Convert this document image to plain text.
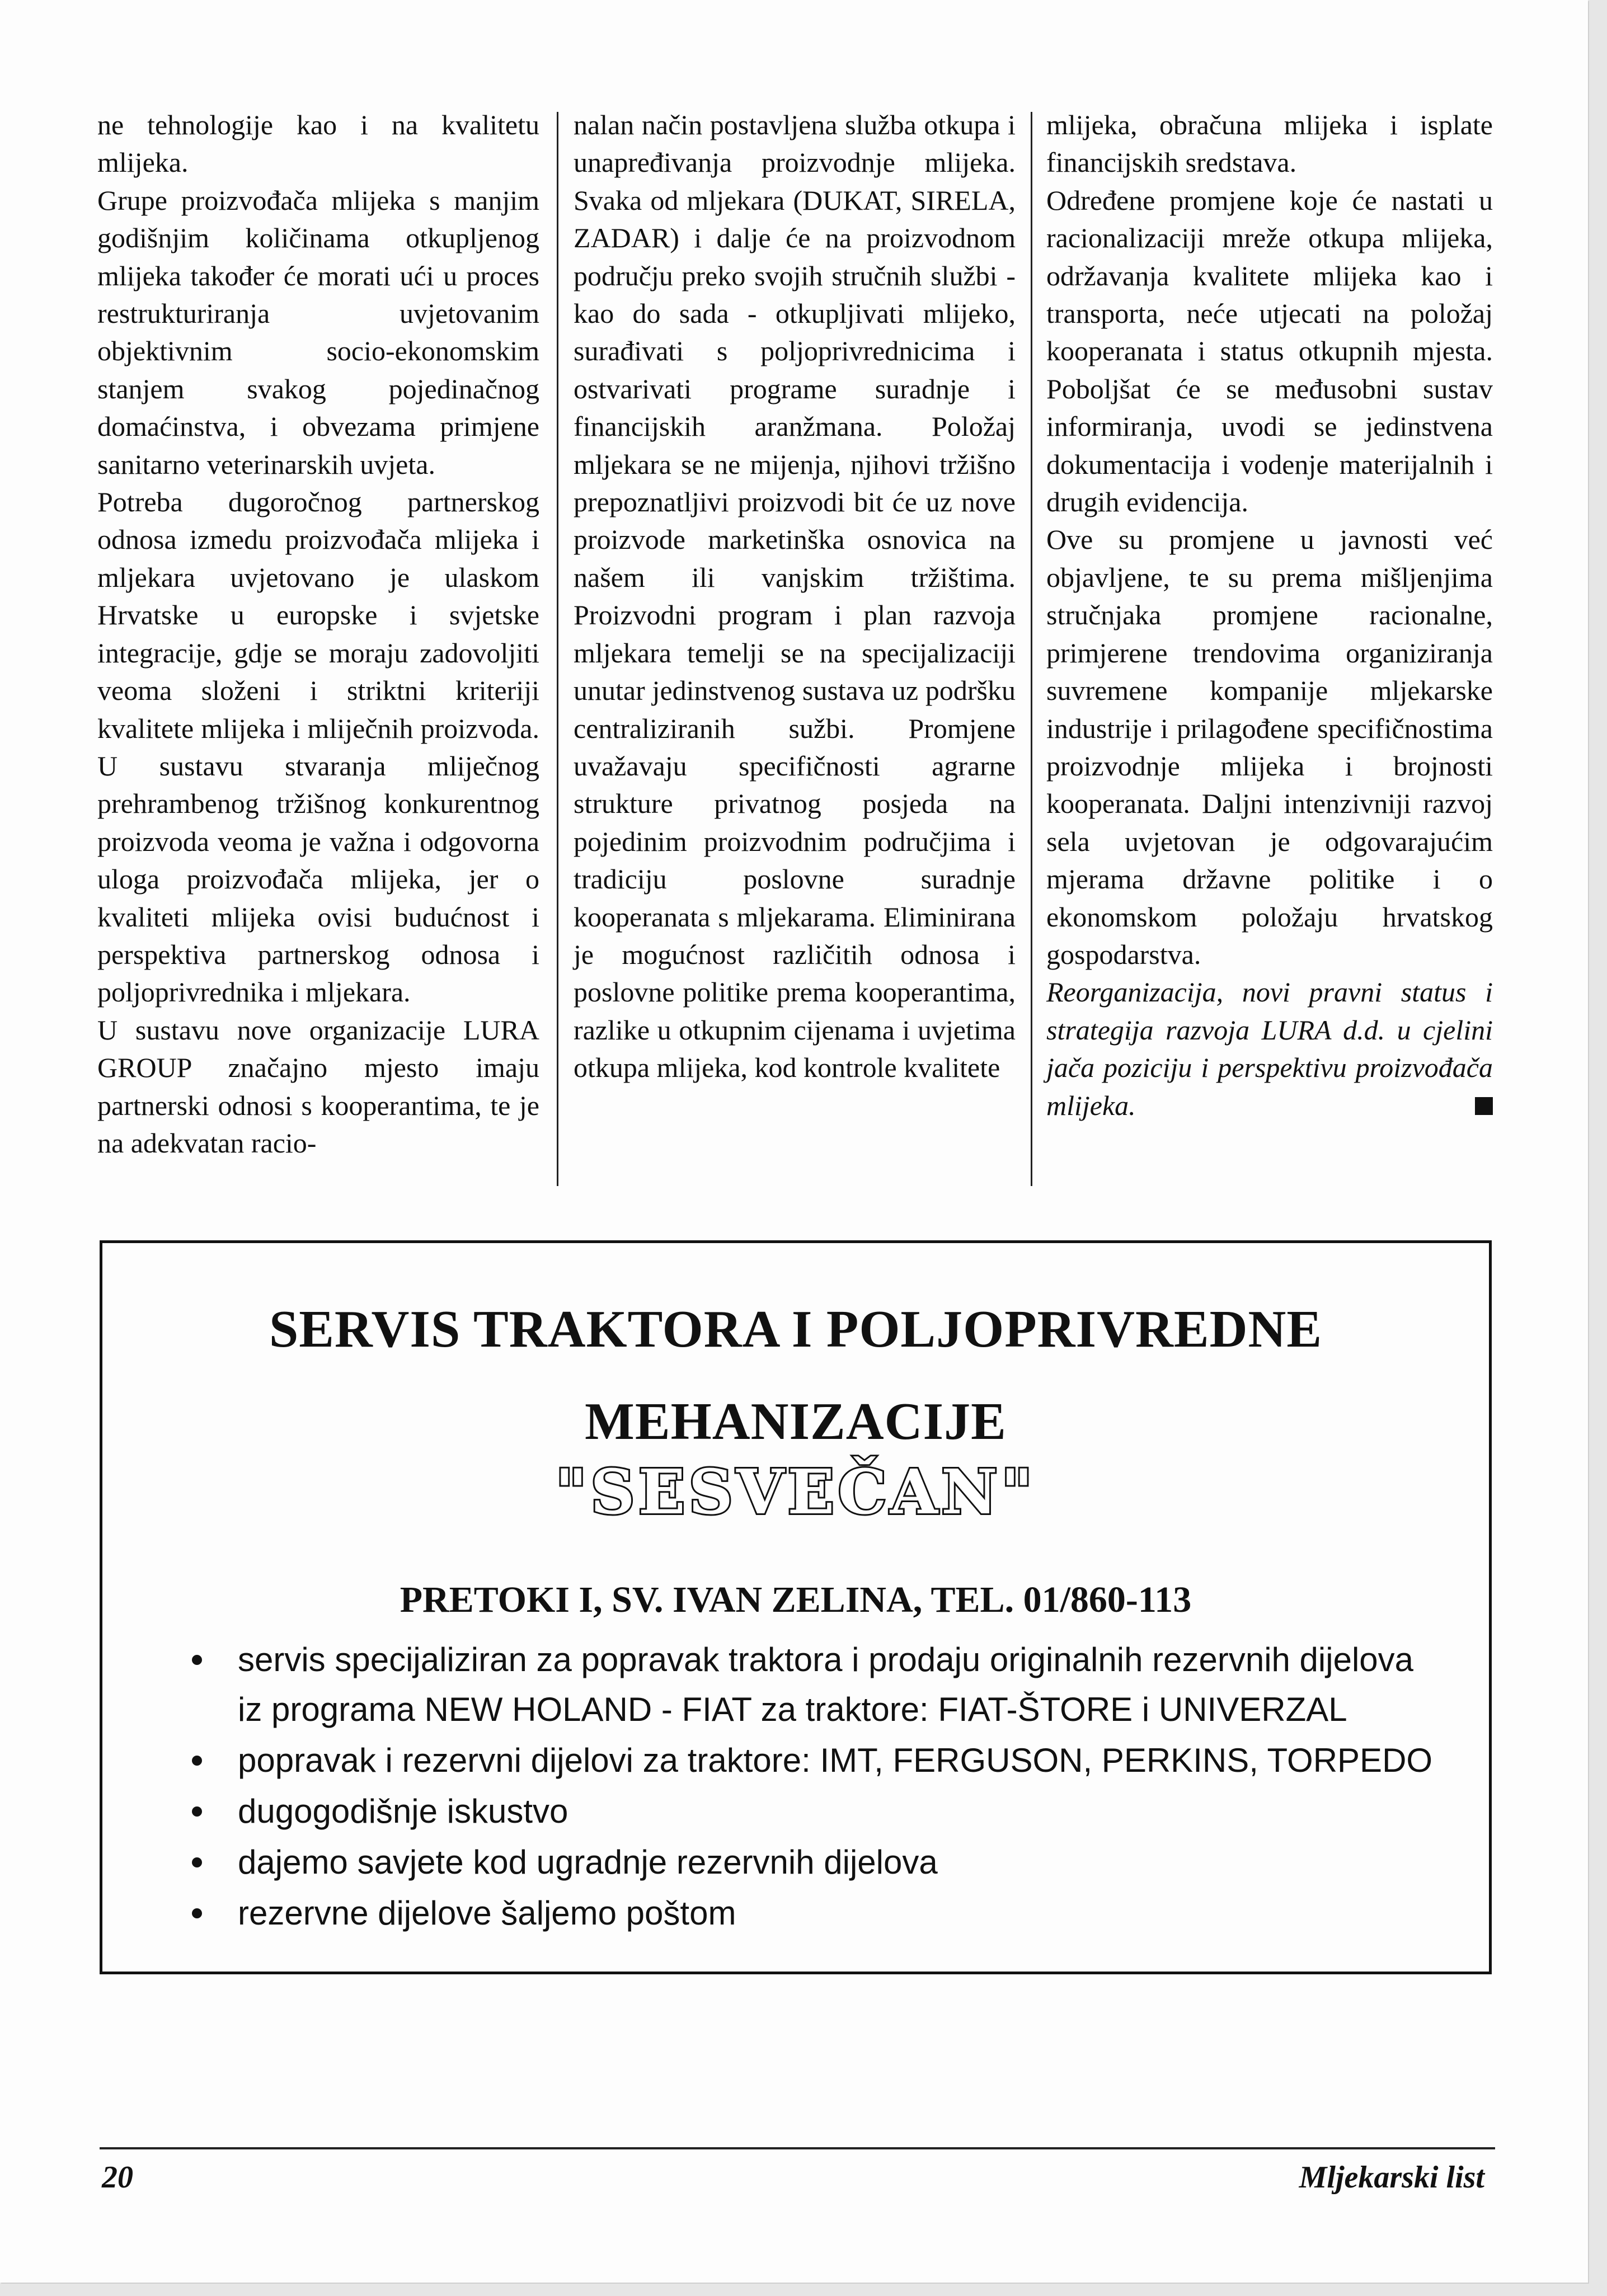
ne tehnologije kao i na kvalitetu mlijeka.

Grupe proizvođača mlijeka s manjim godišnjim količinama otkupljenog mlijeka također će morati ući u proces restrukturiranja uvjetovanim objektivnim socio-ekonomskim stanjem svakog pojedinačnog domaćinstva, i obvezama primjene sanitarno veterinarskih uvjeta.

Potreba dugoročnog partnerskog odnosa izmedu proizvođača mlijeka i mljekara uvjetovano je ulaskom Hrvatske u europske i svjetske integracije, gdje se moraju zadovoljiti veoma složeni i striktni kriteriji kvalitete mlijeka i mliječnih proizvoda. U sustavu stvaranja mliječnog prehrambenog tržišnog konkurentnog proizvoda veoma je važna i odgovorna uloga proizvođača mlijeka, jer o kvaliteti mlijeka ovisi budućnost i perspektiva partnerskog odnosa i poljoprivrednika i mljekara.

U sustavu nove organizacije LURA GROUP značajno mjesto imaju partnerski odnosi s kooperantima, te je na adekvatan racio-

nalan način postavljena služba otkupa i unapređivanja proizvodnje mlijeka. Svaka od mljekara (DUKAT, SIRELA, ZADAR) i dalje će na proizvodnom području preko svojih stručnih službi - kao do sada - otkupljivati mlijeko, surađivati s poljoprivrednicima i ostvarivati programe suradnje i financijskih aranžmana. Položaj mljekara se ne mijenja, njihovi tržišno prepoznatljivi proizvodi bit će uz nove proizvode marketinška osnovica na našem ili vanjskim tržištima. Proizvodni program i plan razvoja mljekara temelji se na specijalizaciji unutar jedinstvenog sustava uz podršku centraliziranih sužbi. Promjene uvažavaju specifičnosti agrarne strukture privatnog posjeda na pojedinim proizvodnim područjima i tradiciju poslovne suradnje kooperanata s mljekarama. Eliminirana je mogućnost različitih odnosa i poslovne politike prema kooperantima, razlike u otkupnim cijenama i uvjetima otkupa mlijeka, kod kontrole kvalitete

mlijeka, obračuna mlijeka i isplate financijskih sredstava.

Određene promjene koje će nastati u racionalizaciji mreže otkupa mlijeka, održavanja kvalitete mlijeka kao i transporta, neće utjecati na položaj kooperanata i status otkupnih mjesta. Poboljšat će se međusobni sustav informiranja, uvodi se jedinstvena dokumentacija i vodenje materijalnih i drugih evidencija.

Ove su promjene u javnosti već objavljene, te su prema mišljenjima stručnjaka promjene racionalne, primjerene trendovima organiziranja suvremene kompanije mljekarske industrije i prilagođene specifičnostima proizvodnje mlijeka i brojnosti kooperanata. Daljni intenzivniji razvoj sela uvjetovan je odgovarajućim mjerama državne politike i o ekonomskom položaju hrvatskog gospodarstva.

Reorganizacija, novi pravni status i strategija razvoja LURA d.d. u cjelini jača poziciju i perspektivu proizvođača mlijeka.

SERVIS TRAKTORA I POLJOPRIVREDNE
MEHANIZACIJE
"SESVEČAN"
PRETOKI I, SV. IVAN ZELINA, TEL. 01/860-113
servis specijaliziran za popravak traktora i prodaju originalnih rezervnih dijelova iz programa NEW HOLAND - FIAT za traktore: FIAT-ŠTORE i UNIVERZAL
popravak i rezervni dijelovi za traktore: IMT, FERGUSON, PERKINS, TORPEDO
dugogodišnje iskustvo
dajemo savjete kod ugradnje rezervnih dijelova
rezervne dijelove šaljemo poštom
20	Mljekarski list
